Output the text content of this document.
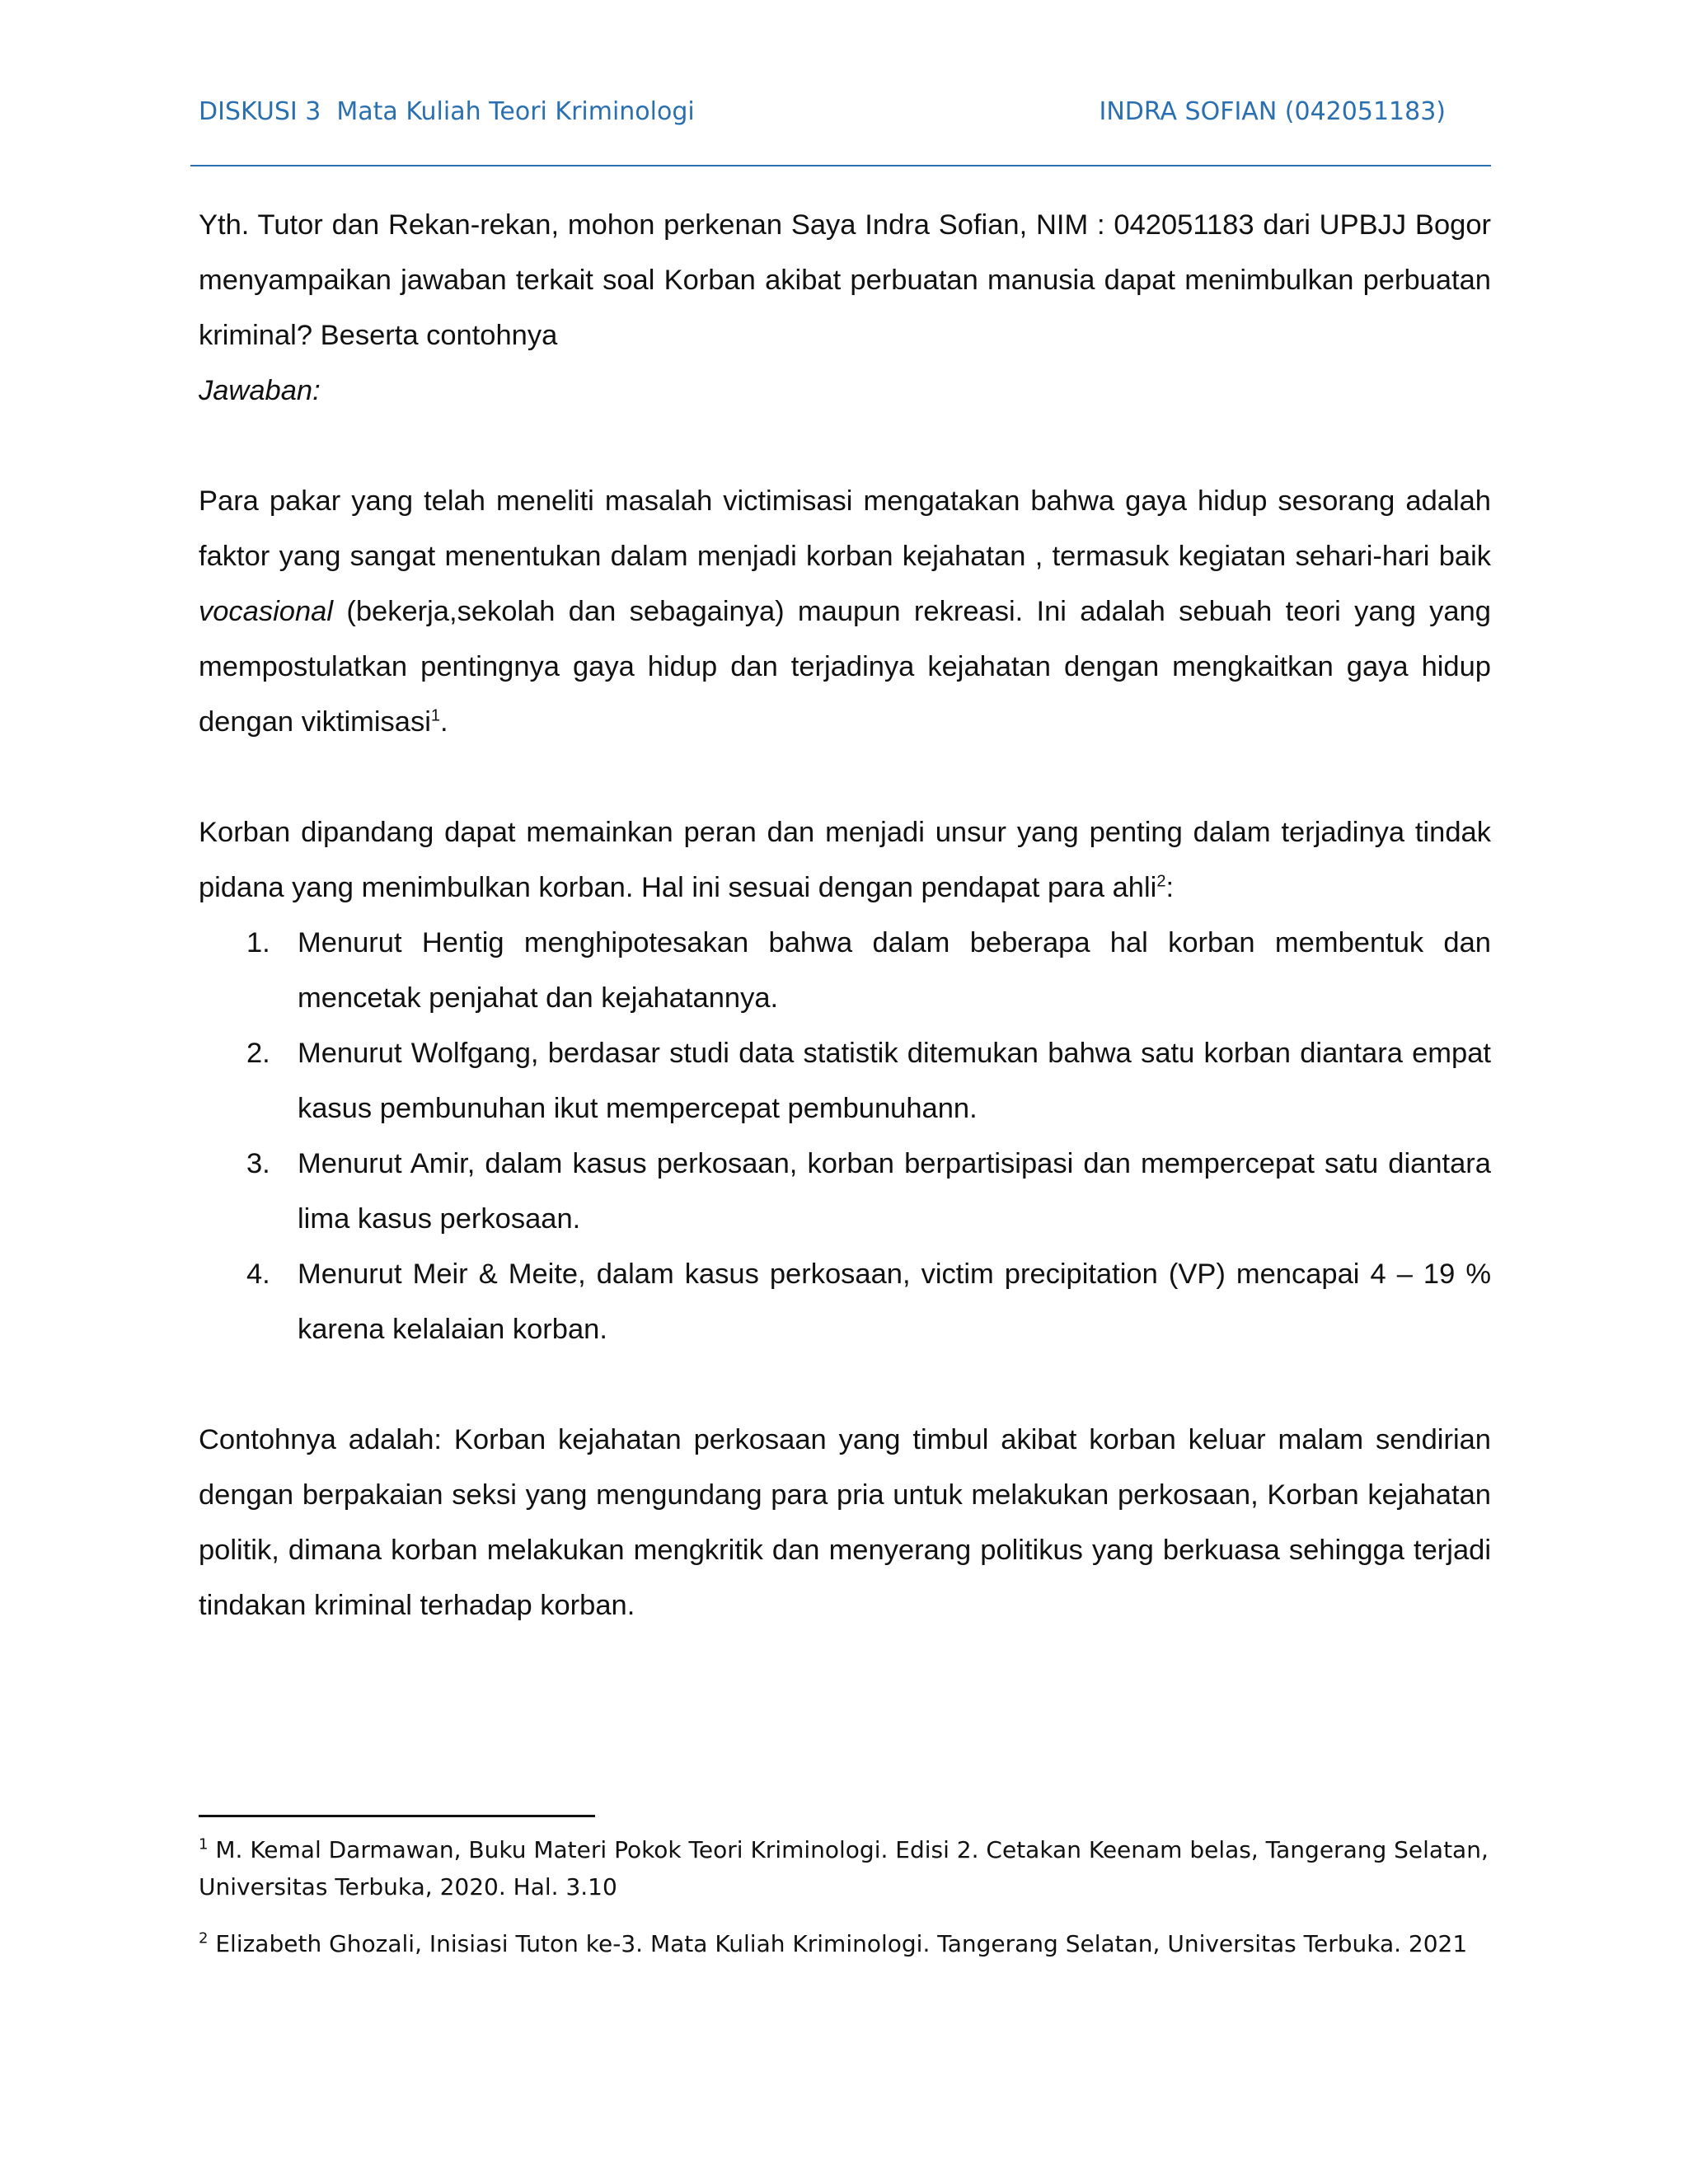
DISKUSI 3  Mata Kuliah Teori Kriminologi	INDRA SOFIAN (042051183)

Yth. Tutor dan Rekan-rekan, mohon perkenan Saya Indra Sofian, NIM : 042051183 dari UPBJJ Bogor menyampaikan jawaban terkait soal Korban akibat perbuatan manusia dapat menimbulkan perbuatan kriminal? Beserta contohnya

Jawaban:

Para pakar yang telah meneliti masalah victimisasi mengatakan bahwa gaya hidup sesorang adalah faktor yang sangat menentukan dalam menjadi korban kejahatan , termasuk kegiatan sehari-hari baik vocasional (bekerja,sekolah dan sebagainya) maupun rekreasi. Ini adalah sebuah teori yang yang mempostulatkan pentingnya gaya hidup dan terjadinya kejahatan dengan mengkaitkan gaya hidup dengan viktimisasi$^1$.

Korban dipandang dapat memainkan peran dan menjadi unsur yang penting dalam terjadinya tindak pidana yang menimbulkan korban. Hal ini sesuai dengan pendapat para ahli$^2$:

1. Menurut Hentig menghipotesakan bahwa dalam beberapa hal korban membentuk dan mencetak penjahat dan kejahatannya.
2. Menurut Wolfgang, berdasar studi data statistik ditemukan bahwa satu korban diantara empat kasus pembunuhan ikut mempercepat pembunuhann.
3. Menurut Amir, dalam kasus perkosaan, korban berpartisipasi dan mempercepat satu diantara lima kasus perkosaan.
4. Menurut Meir & Meite, dalam kasus perkosaan, victim precipitation (VP) mencapai 4 – 19 % karena kelalaian korban.

Contohnya adalah: Korban kejahatan perkosaan yang timbul akibat korban keluar malam sendirian dengan berpakaian seksi yang mengundang para pria untuk melakukan perkosaan, Korban kejahatan politik, dimana korban melakukan mengkritik dan menyerang politikus yang berkuasa sehingga terjadi tindakan kriminal terhadap korban.

$^1$ M. Kemal Darmawan, Buku Materi Pokok Teori Kriminologi. Edisi 2. Cetakan Keenam belas, Tangerang Selatan, Universitas Terbuka, 2020. Hal. 3.10

$^2$ Elizabeth Ghozali, Inisiasi Tuton ke-3. Mata Kuliah Kriminologi. Tangerang Selatan, Universitas Terbuka. 2021
